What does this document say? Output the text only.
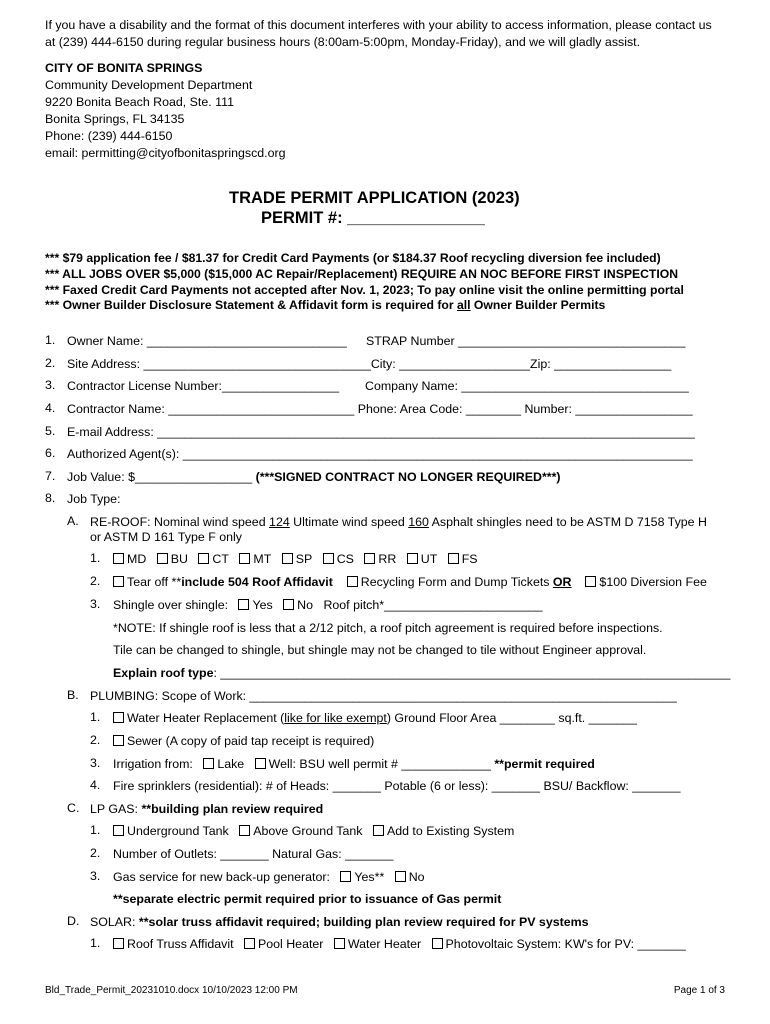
If you have a disability and the format of this document interferes with your ability to access information, please contact us
at (239) 444-6150 during regular business hours (8:00am-5:00pm, Monday-Friday), and we will gladly assist.
CITY OF BONITA SPRINGS
Community Development Department
9220 Bonita Beach Road, Ste. 111
Bonita Springs, FL 34135
Phone: (239) 444-6150
email: permitting@cityofbonitaspringscd.org
TRADE PERMIT APPLICATION (2023)
PERMIT #: _______________
*** $79 application fee / $81.37 for Credit Card Payments (or $184.37 Roof recycling diversion fee included)
*** ALL JOBS OVER $5,000 ($15,000 AC Repair/Replacement) REQUIRE AN NOC BEFORE FIRST INSPECTION
*** Faxed Credit Card Payments not accepted after Nov. 1, 2023; To pay online visit the online permitting portal
*** Owner Builder Disclosure Statement & Affidavit form is required for all Owner Builder Permits
1. Owner Name: _____________________________ STRAP Number _________________________________
2. Site Address: _________________________________City: ___________________Zip: _________________
3. Contractor License Number:_________________ Company Name: _________________________________
4. Contractor Name: ___________________________ Phone: Area Code: ________ Number: _________________
5. E-mail Address: ______________________________________________________________________________
6. Authorized Agent(s): __________________________________________________________________________
7. Job Value: $_________________ (***SIGNED CONTRACT NO LONGER REQUIRED***)
8. Job Type:
A. RE-ROOF: Nominal wind speed 124 Ultimate wind speed 160 Asphalt shingles need to be ASTM D 7158 Type H
or ASTM D 161 Type F only
1.	MD BU CT MT SP CS RR UT FS
2.	Tear off **include 504 Roof Affidavit Recycling Form and Dump Tickets OR $100 Diversion Fee
3. Shingle over shingle: Yes No Roof pitch*_______________________
*NOTE: If shingle roof is less that a 2/12 pitch, a roof pitch agreement is required before inspections.
Tile can be changed to shingle, but shingle may not be changed to tile without Engineer approval.
Explain roof type: __________________________________________________________________________
B. PLUMBING: Scope of Work: ______________________________________________________________
1.	Water Heater Replacement (like for like exempt) Ground Floor Area ________ sq.ft. _______
2.	Sewer (A copy of paid tap receipt is required)
3. Irrigation from: Lake Well: BSU well permit # _____________ **permit required
4. Fire sprinklers (residential): # of Heads: _______ Potable (6 or less): _______ BSU/ Backflow: _______
C. LP GAS: **building plan review required
1.	Underground Tank Above Ground Tank Add to Existing System
2. Number of Outlets: _______ Natural Gas: _______
3. Gas service for new back-up generator: Yes** No
**separate electric permit required prior to issuance of Gas permit
D. SOLAR: **solar truss affidavit required; building plan review required for PV systems
1.	Roof Truss Affidavit Pool Heater Water Heater Photovoltaic System: KW's for PV: _______
Bld_Trade_Permit_20231010.docx 10/10/2023 12:00 PM	Page 1 of 3
